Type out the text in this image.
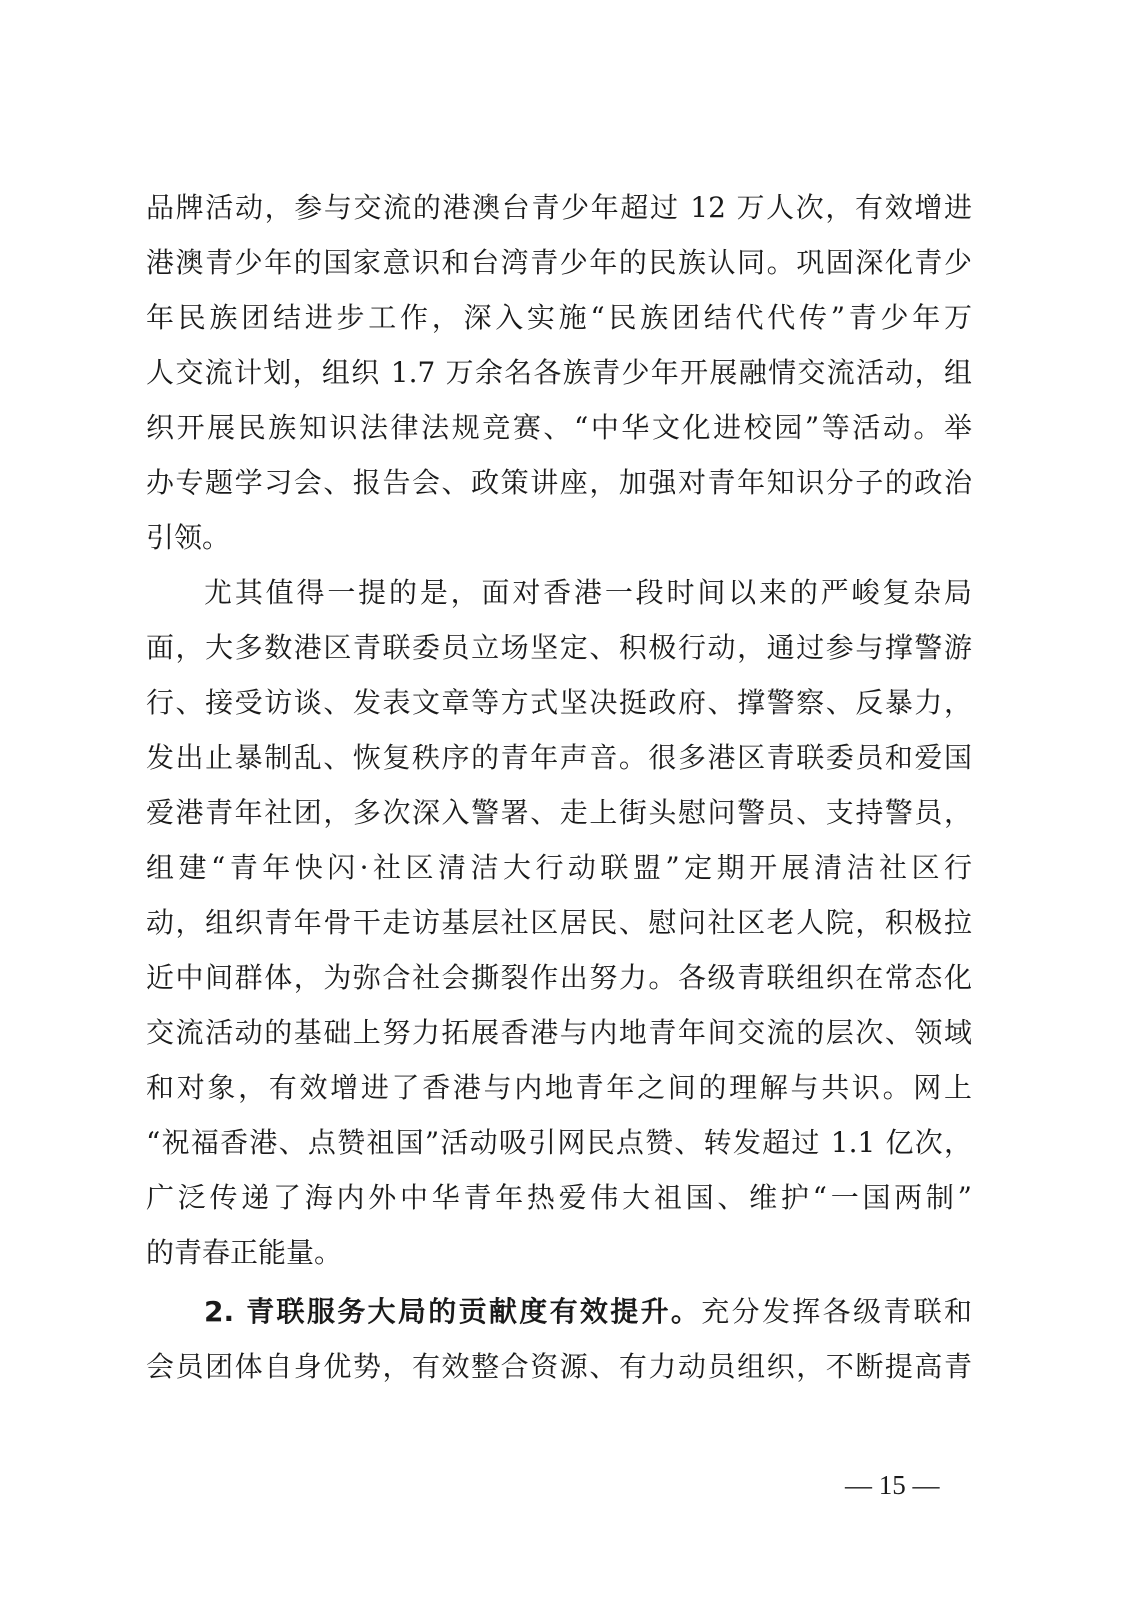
品牌活动，参与交流的港澳台青少年超过 12 万人次，有效增进
港澳青少年的国家意识和台湾青少年的民族认同。巩固深化青少
年民族团结进步工作，深入实施“民族团结代代传”青少年万
人交流计划，组织 1.7 万余名各族青少年开展融情交流活动，组
织开展民族知识法律法规竞赛、“中华文化进校园”等活动。举
办专题学习会、报告会、政策讲座，加强对青年知识分子的政治
引领。
尤其值得一提的是，面对香港一段时间以来的严峻复杂局
面，大多数港区青联委员立场坚定、积极行动，通过参与撑警游
行、接受访谈、发表文章等方式坚决挺政府、撑警察、反暴力，
发出止暴制乱、恢复秩序的青年声音。很多港区青联委员和爱国
爱港青年社团，多次深入警署、走上街头慰问警员、支持警员，
组建“青年快闪·社区清洁大行动联盟”定期开展清洁社区行
动，组织青年骨干走访基层社区居民、慰问社区老人院，积极拉
近中间群体，为弥合社会撕裂作出努力。各级青联组织在常态化
交流活动的基础上努力拓展香港与内地青年间交流的层次、领域
和对象，有效增进了香港与内地青年之间的理解与共识。网上
“祝福香港、点赞祖国”活动吸引网民点赞、转发超过 1.1 亿次，
广泛传递了海内外中华青年热爱伟大祖国、维护“一国两制”
的青春正能量。
2. 青联服务大局的贡献度有效提升。充分发挥各级青联和
会员团体自身优势，有效整合资源、有力动员组织，不断提高青
— 15 —
